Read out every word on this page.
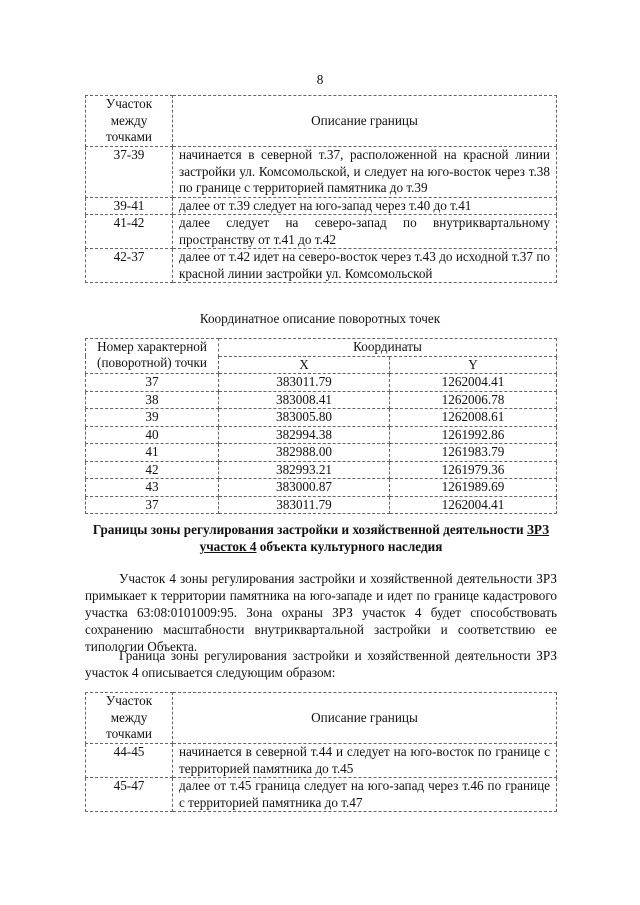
8
Участок между точками	Описание границы
37-39	начинается в северной т.37, расположенной на красной линии застройки ул. Комсомольской, и следует на юго-восток через т.38 по границе с территорией памятника до т.39
39-41	далее от т.39 следует на юго-запад через т.40 до т.41
41-42	далее следует на северо-запад по внутриквартальному пространству от т.41 до т.42
42-37	далее от т.42 идет на северо-восток через т.43 до исходной т.37 по красной линии застройки ул. Комсомольской
Координатное описание поворотных точек
Номер характерной (поворотной) точки	Координаты	
	X	Y
37	383011.79	1262004.41
38	383008.41	1262006.78
39	383005.80	1262008.61
40	382994.38	1261992.86
41	382988.00	1261983.79
42	382993.21	1261979.36
43	383000.87	1261989.69
37	383011.79	1262004.41
Границы зоны регулирования застройки и хозяйственной деятельности ЗРЗ участок 4 объекта культурного наследия
Участок 4 зоны регулирования застройки и хозяйственной деятельности ЗРЗ примыкает к территории памятника на юго-западе и идет по границе кадастрового участка 63:08:0101009:95. Зона охраны ЗРЗ участок 4 будет способствовать сохранению масштабности внутриквартальной застройки и соответствию ее типологии Объекта.
Граница зоны регулирования застройки и хозяйственной деятельности ЗРЗ участок 4 описывается следующим образом:
Участок между точками	Описание границы
44-45	начинается в северной т.44 и следует на юго-восток по границе с территорией памятника до т.45
45-47	далее от т.45 граница следует на юго-запад через т.46 по границе с территорией памятника до т.47
